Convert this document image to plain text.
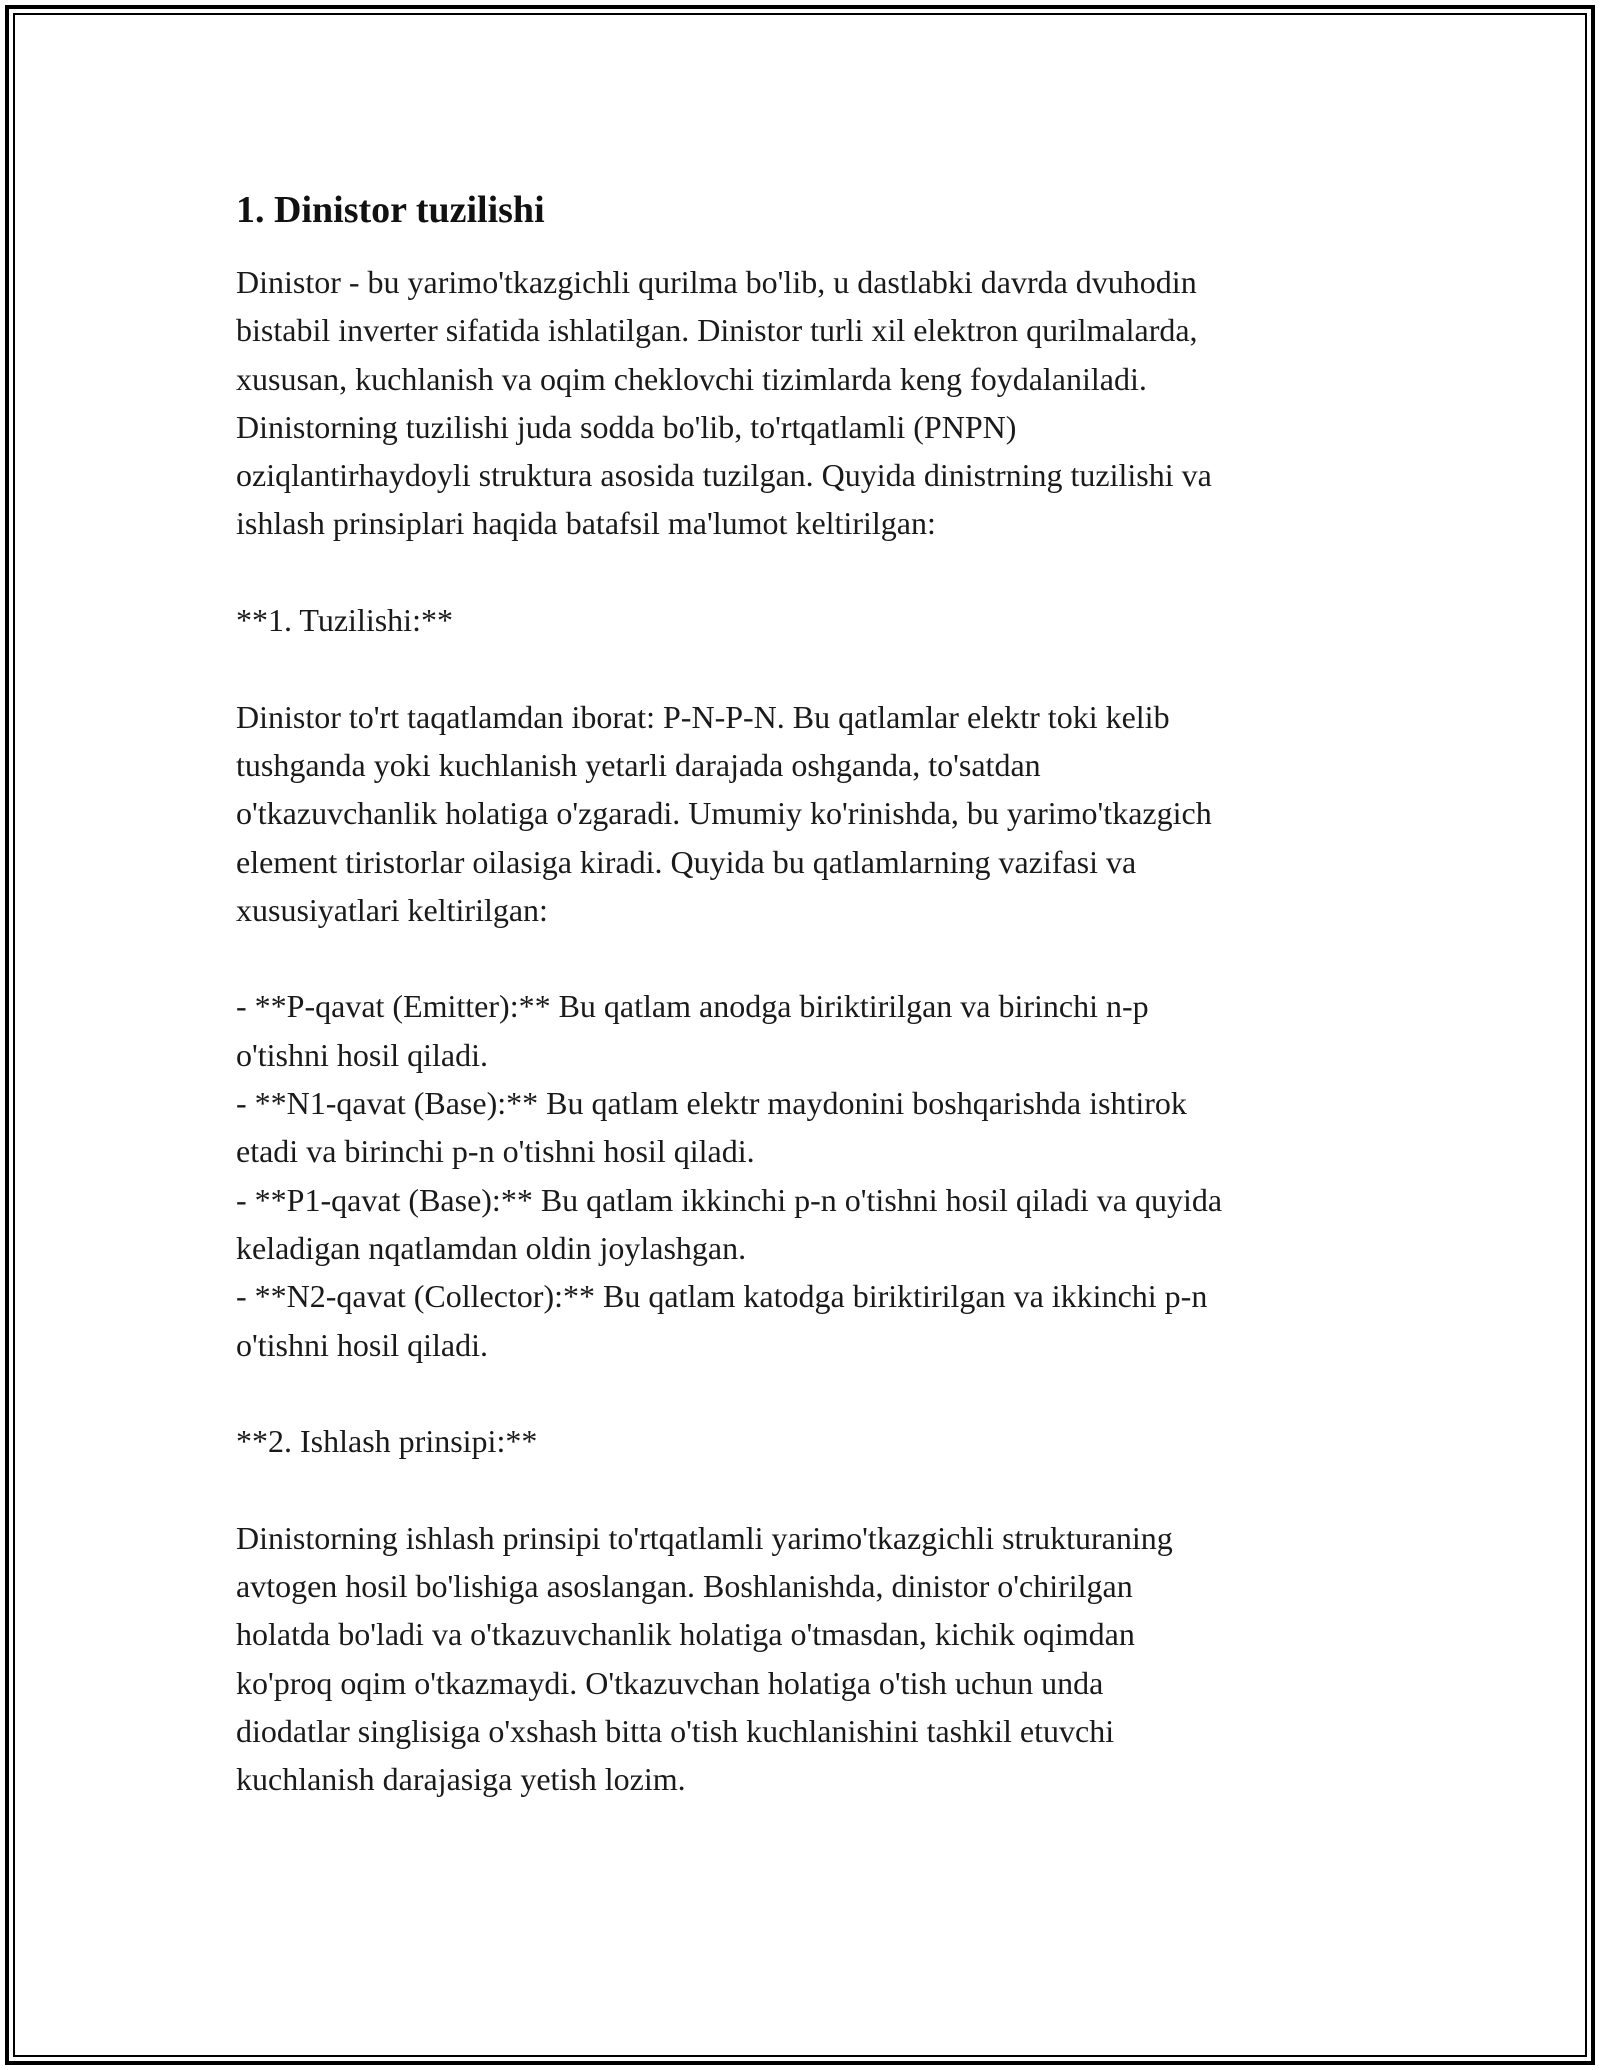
1. Dinistor tuzilishi

Dinistor - bu yarimo'tkazgichli qurilma bo'lib, u dastlabki davrda dvuhodin
bistabil inverter sifatida ishlatilgan. Dinistor turli xil elektron qurilmalarda,
xususan, kuchlanish va oqim cheklovchi tizimlarda keng foydalaniladi.
Dinistorning tuzilishi juda sodda bo'lib, to'rtqatlamli (PNPN)
oziqlantirhaydoyli struktura asosida tuzilgan. Quyida dinistrning tuzilishi va
ishlash prinsiplari haqida batafsil ma'lumot keltirilgan:

**1. Tuzilishi:**

Dinistor to'rt taqatlamdan iborat: P-N-P-N. Bu qatlamlar elektr toki kelib
tushganda yoki kuchlanish yetarli darajada oshganda, to'satdan
o'tkazuvchanlik holatiga o'zgaradi. Umumiy ko'rinishda, bu yarimo'tkazgich
element tiristorlar oilasiga kiradi. Quyida bu qatlamlarning vazifasi va
xususiyatlari keltirilgan:

- **P-qavat (Emitter):** Bu qatlam anodga biriktirilgan va birinchi n-p
o'tishni hosil qiladi.
- **N1-qavat (Base):** Bu qatlam elektr maydonini boshqarishda ishtirok
etadi va birinchi p-n o'tishni hosil qiladi.
- **P1-qavat (Base):** Bu qatlam ikkinchi p-n o'tishni hosil qiladi va quyida
keladigan nqatlamdan oldin joylashgan.
- **N2-qavat (Collector):** Bu qatlam katodga biriktirilgan va ikkinchi p-n
o'tishni hosil qiladi.

**2. Ishlash prinsipi:**

Dinistorning ishlash prinsipi to'rtqatlamli yarimo'tkazgichli strukturaning
avtogen hosil bo'lishiga asoslangan. Boshlanishda, dinistor o'chirilgan
holatda bo'ladi va o'tkazuvchanlik holatiga o'tmasdan, kichik oqimdan
ko'proq oqim o'tkazmaydi. O'tkazuvchan holatiga o'tish uchun unda
diodatlar singlisiga o'xshash bitta o'tish kuchlanishini tashkil etuvchi
kuchlanish darajasiga yetish lozim.
